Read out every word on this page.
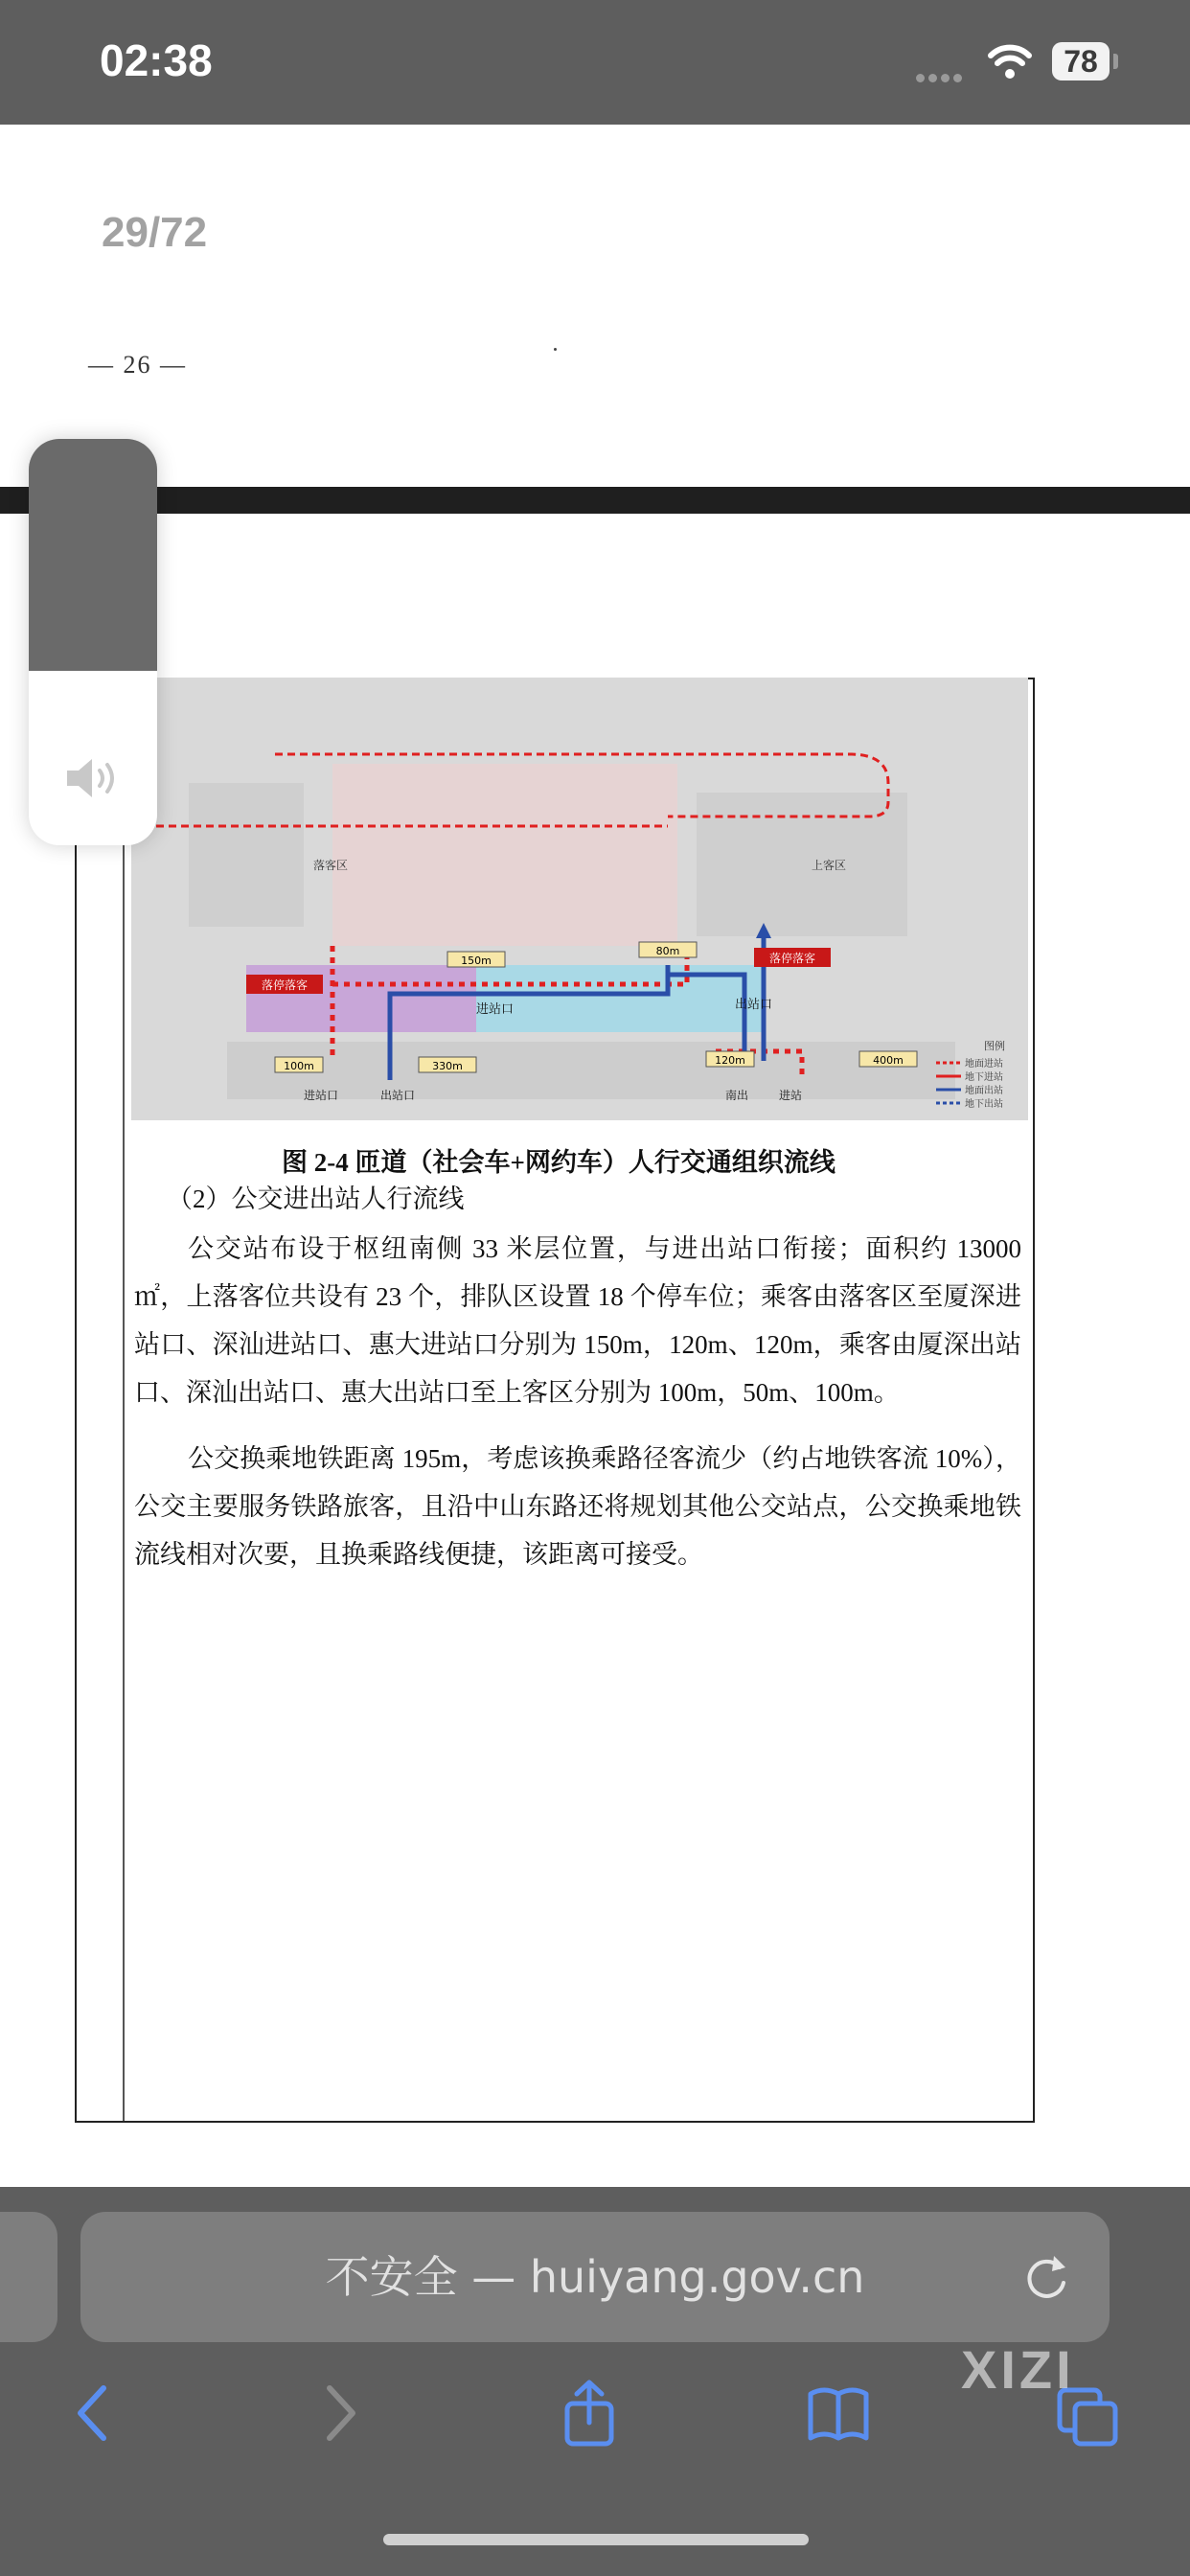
02:38	78
29/72
— 26 —
落停落客
落停落客
150m
80m
100m	330m	120m	400m
落客区	上客区
进站口	出站口
进站口	出站口	进站
南出
图例
地面进站
地下进站
地面出站
地下出站
图 2-4 匝道（社会车+网约车）人行交通组织流线
（2）公交进出站人行流线

公交站布设于枢纽南侧 33 米层位置，与进出站口衔接；面积约 13000 ㎡，上落客位共设有 23 个，排队区设置 18 个停车位；乘客由落客区至厦深进站口、深汕进站口、惠大进站口分别为 150m，120m、120m，乘客由厦深出站口、深汕出站口、惠大出站口至上客区分别为 100m，50m、100m。

公交换乘地铁距离 195m，考虑该换乘路径客流少（约占地铁客流 10%），公交主要服务铁路旅客，且沿中山东路还将规划其他公交站点，公交换乘地铁流线相对次要，且换乘路线便捷，该距离可接受。

不安全 — huiyang.gov.cn
XIZI
